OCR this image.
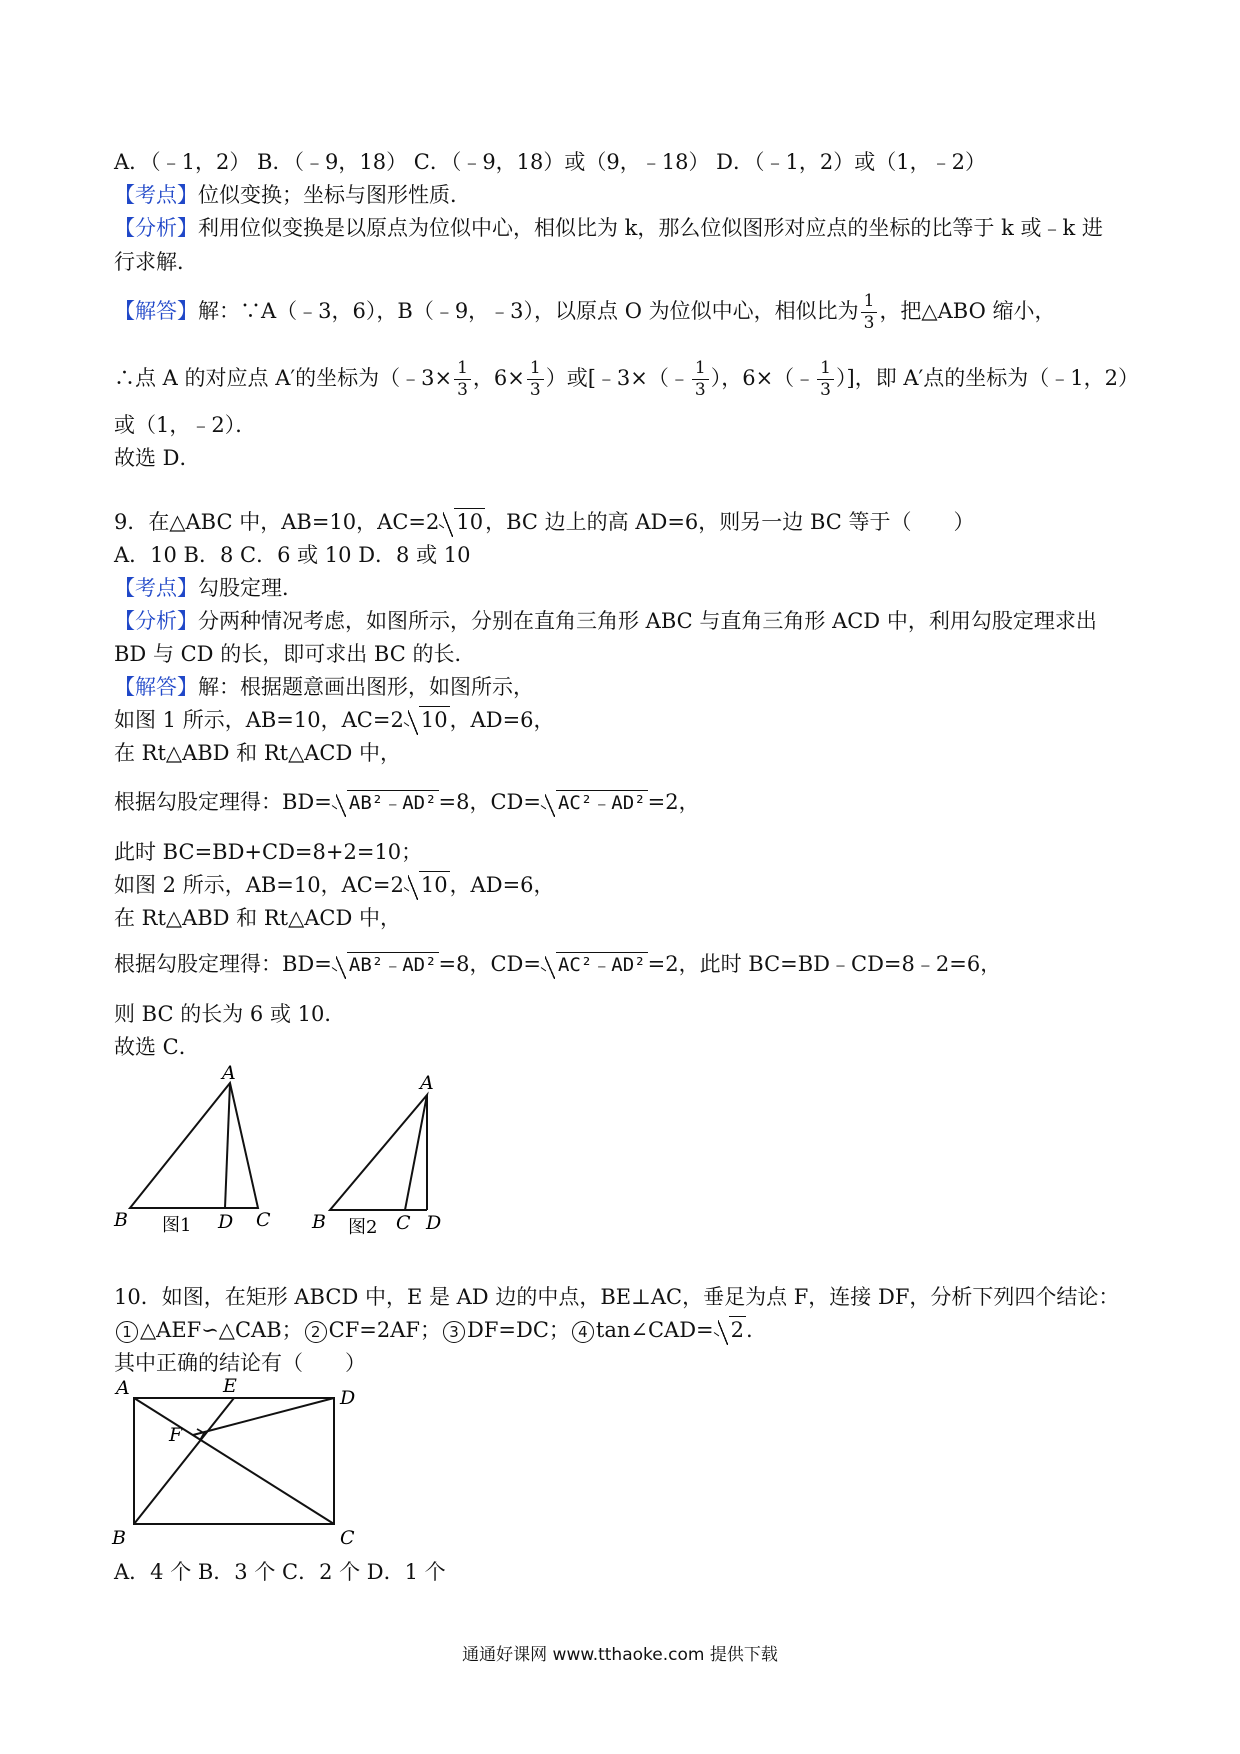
A．（﹣1，2） B．（﹣9，18） C．（﹣9，18）或（9，﹣18） D．（﹣1，2）或（1，﹣2）
【考点】位似变换；坐标与图形性质．
【分析】利用位似变换是以原点为位似中心，相似比为 k，那么位似图形对应点的坐标的比等于 k 或﹣k 进
行求解．
【解答】解：∵A（﹣3，6），B（﹣9，﹣3），以原点 O 为位似中心，相似比为 $\frac{1}{3}$ ，把△ABO 缩小，
∴点 A 的对应点 A′的坐标为（﹣3× $\frac{1}{3}$ ，$6\times \frac{1}{3}$ ）或[﹣3×（﹣ $\frac{1}{3}$ ），6×（﹣ $\frac{1}{3}$ ）]，即 A′点的坐标为（﹣1，2）
或（1，﹣2）．
故选 D．
9．在△ABC 中，AB=10，AC=2 10，BC 边上的高 AD=6，则另一边 BC 等于（　　）
A．10 B．8 C．6 或 10 D．8 或 10
【考点】勾股定理．
【分析】分两种情况考虑，如图所示，分别在直角三角形 ABC 与直角三角形 ACD 中，利用勾股定理求出
BD 与 CD 的长，即可求出 BC 的长．
【解答】解：根据题意画出图形，如图所示，
如图 1 所示，AB=10，AC=2 10，AD=6，
在 Rt△ABD 和 Rt△ACD 中，
根据勾股定理得：BD= AB²﹣AD²=8，CD= AC²﹣AD²=2，
此时 BC=BD+CD=8+2=10；
如图 2 所示，AB=10，AC=2 10，AD=6，
在 Rt△ABD 和 Rt△ACD 中，
根据勾股定理得：BD= AB²﹣AD²=8，CD= AC²﹣AD²=2，此时 BC=BD﹣CD=8﹣2=6，
则 BC 的长为 6 或 10．
故选 C．
A
B	D C
图1
A
B	C D
图2
10．如图，在矩形 ABCD 中，E 是 AD 边的中点，BE⊥AC，垂足为点 F，连接 DF，分析下列四个结论：
1 △AEF∽△CAB； 2 CF=2AF； 3 DF=DC； 4 tan∠CAD= 2.
其中正确的结论有（　　）
A	E
D
F
B	C
A．4 个 B．3 个 C．2 个 D．1 个
通通好课网 www.tthaoke.com 提供下载
